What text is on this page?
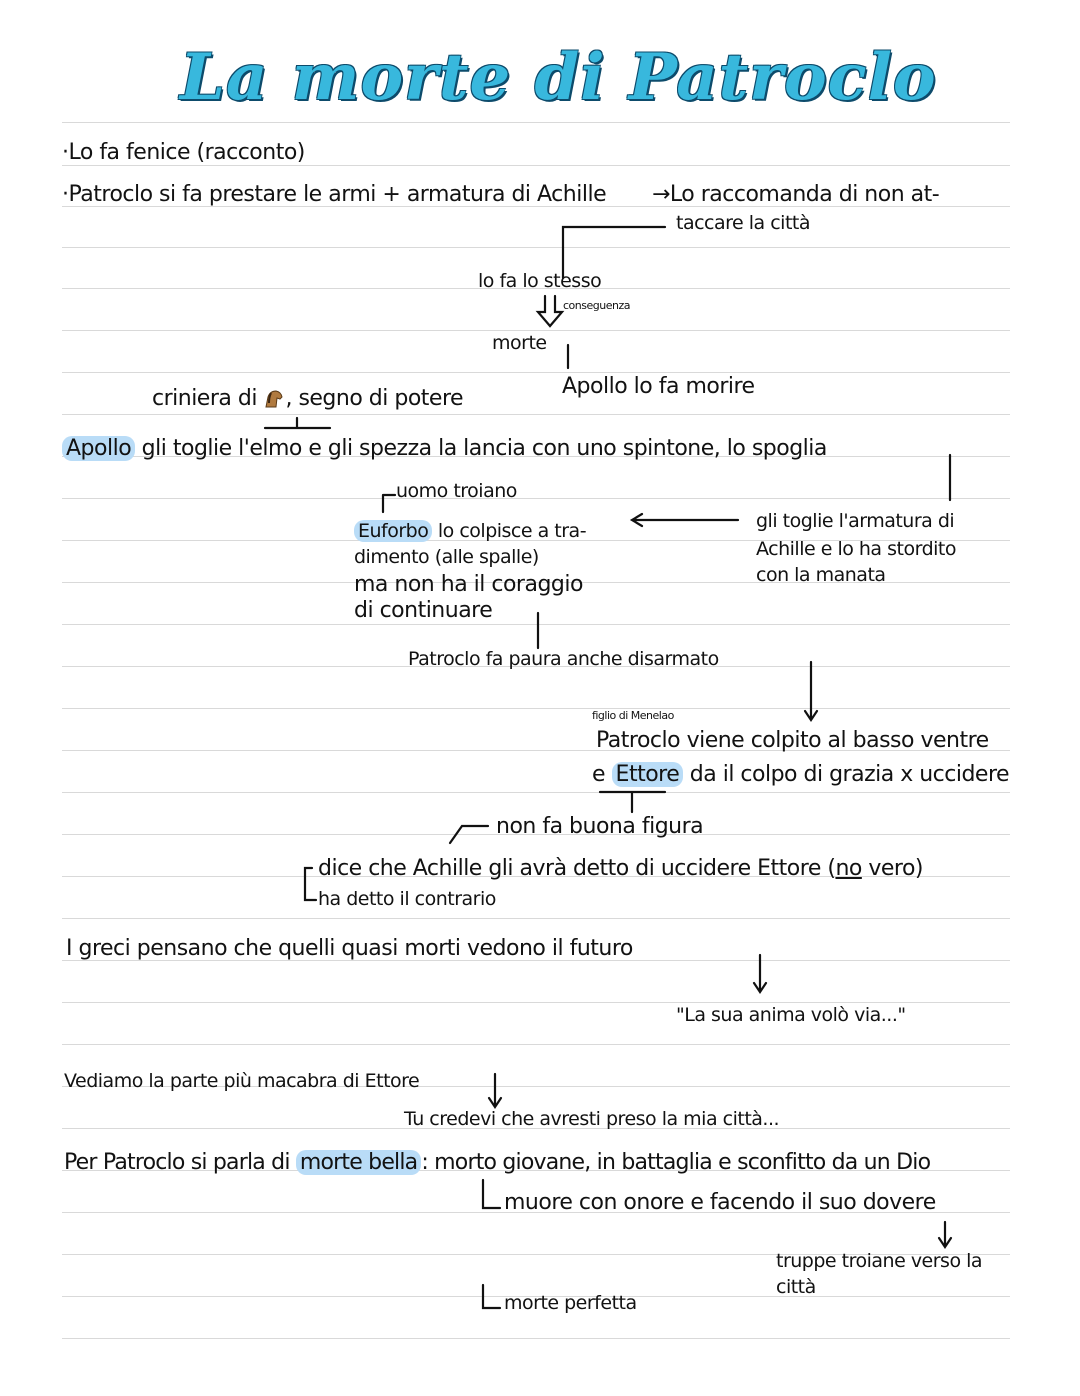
La morte di Patroclo
·Lo fa fenice (racconto)
·Patroclo si fa prestare le armi + armatura di Achille →Lo raccomanda di non at-
taccare la città
lo fa lo stesso
conseguenza
morte
criniera di , segno di potere	Apollo lo fa morire
Apollo gli toglie l'elmo e gli spezza la lancia con uno spintone, lo spoglia
uomo troiano
Euforbo lo colpisce a tra-
dimento (alle spalle)
ma non ha il coraggio
di continuare
gli toglie l'armatura di
Achille e lo ha stordito
con la manata
Patroclo fa paura anche disarmato
figlio di Menelao
Patroclo viene colpito al basso ventre
e Ettore da il colpo di grazia x uccidere
non fa buona figura
dice che Achille gli avrà detto di uccidere Ettore (no vero)
ha detto il contrario
I greci pensano che quelli quasi morti vedono il futuro
"La sua anima volò via..."
Vediamo la parte più macabra di Ettore
Tu credevi che avresti preso la mia città...
Per Patroclo si parla di morte bella : morto giovane, in battaglia e sconfitto da un Dio
muore con onore e facendo il suo dovere
truppe troiane verso la
città
morte perfetta
